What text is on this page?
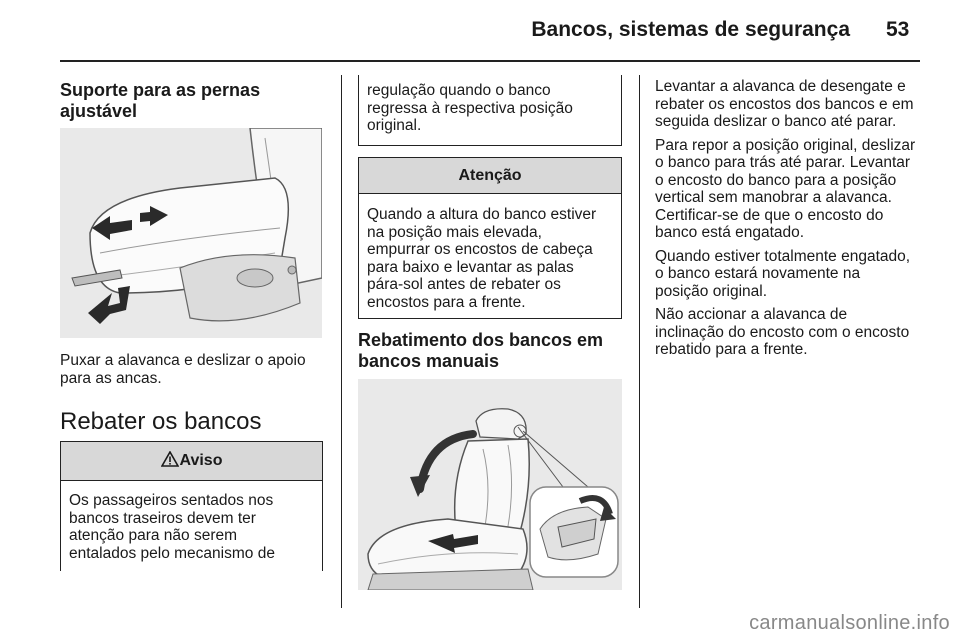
Bancos, sistemas de segurança 53
Suporte para as pernas
ajustável

Puxar a alavanca e deslizar o apoio

para as ancas.

Rebater os bancos
Aviso
Os passageiros sentados nos
bancos traseiros devem ter
atenção para não serem
entalados pelo mecanismo de
regulação quando o banco
regressa à respectiva posição
original.
Atenção
Quando a altura do banco estiver
na posição mais elevada,
empurrar os encostos de cabeça
para baixo e levantar as palas
pára-sol antes de rebater os
encostos para a frente.
Rebatimento dos bancos em
bancos manuais

Levantar a alavanca de desengate e

rebater os encostos dos bancos e em

seguida deslizar o banco até parar.

Para repor a posição original, deslizar

o banco para trás até parar. Levantar

o encosto do banco para a posição

vertical sem manobrar a alavanca.

Certificar-se de que o encosto do

banco está engatado.

Quando estiver totalmente engatado,

o banco estará novamente na

posição original.

Não accionar a alavanca de

inclinação do encosto com o encosto

rebatido para a frente.

carmanualsonline.info
